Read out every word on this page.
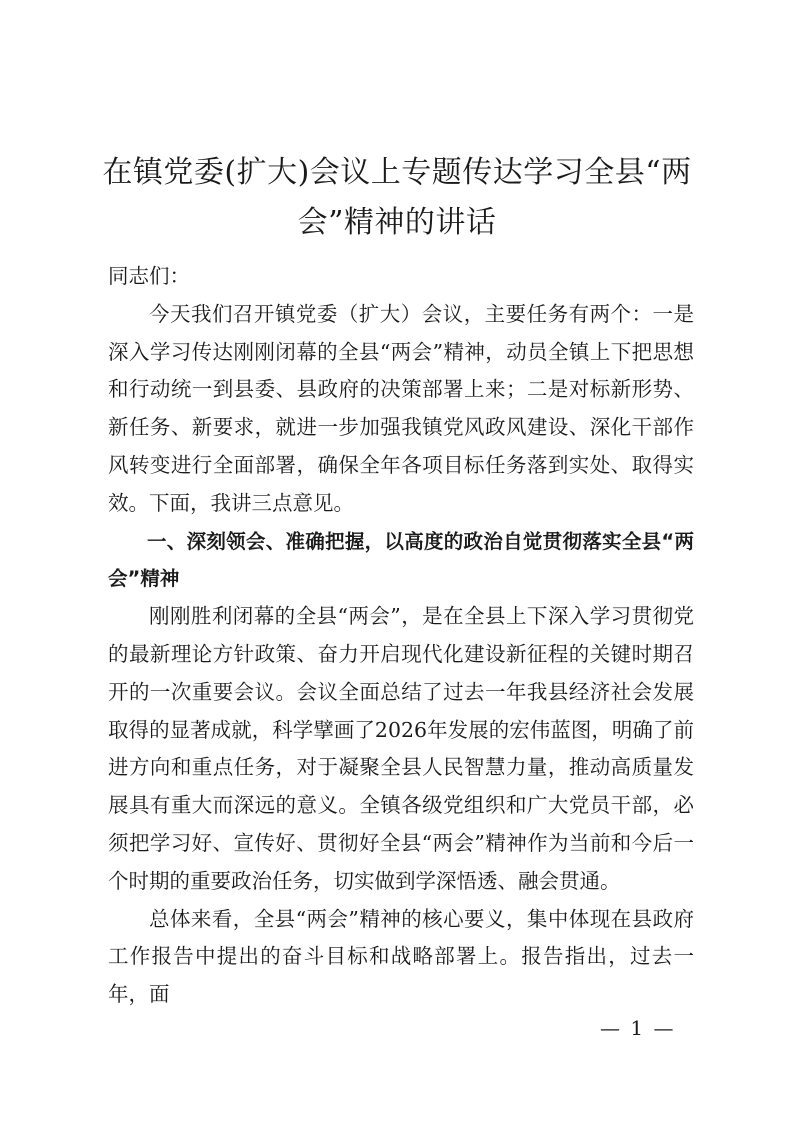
在镇党委(扩大)会议上专题传达学习全县“两会”精神的讲话

同志们：

今天我们召开镇党委（扩大）会议，主要任务有两个：一是深入学习传达刚刚闭幕的全县“两会”精神，动员全镇上下把思想和行动统一到县委、县政府的决策部署上来；二是对标新形势、新任务、新要求，就进一步加强我镇党风政风建设、深化干部作风转变进行全面部署，确保全年各项目标任务落到实处、取得实效。下面，我讲三点意见。

一、深刻领会、准确把握，以高度的政治自觉贯彻落实全县“两会”精神

刚刚胜利闭幕的全县“两会”，是在全县上下深入学习贯彻党的最新理论方针政策、奋力开启现代化建设新征程的关键时期召开的一次重要会议。会议全面总结了过去一年我县经济社会发展取得的显著成就，科学擘画了2026年发展的宏伟蓝图，明确了前进方向和重点任务，对于凝聚全县人民智慧力量，推动高质量发展具有重大而深远的意义。全镇各级党组织和广大党员干部，必须把学习好、宣传好、贯彻好全县“两会”精神作为当前和今后一个时期的重要政治任务，切实做到学深悟透、融会贯通。

总体来看，全县“两会”精神的核心要义，集中体现在县政府工作报告中提出的奋斗目标和战略部署上。报告指出，过去一年，面

— 1 —
